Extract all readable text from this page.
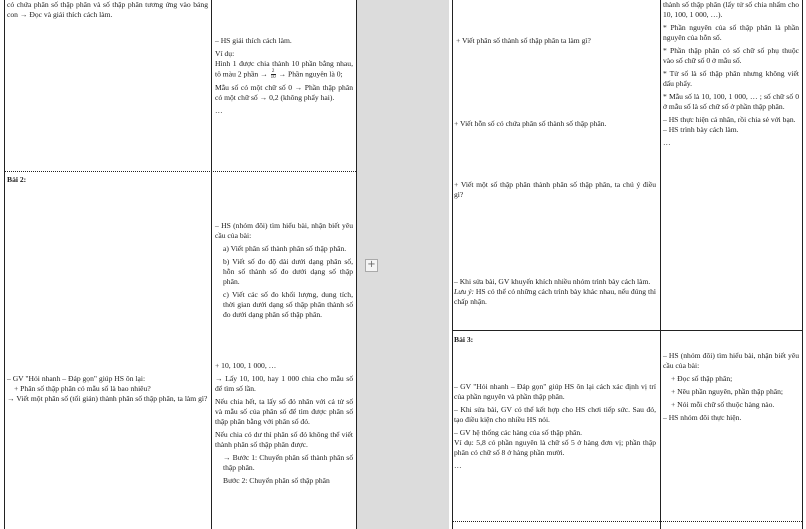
có chứa phân số thập phân và số thập phân tương ứng vào bảng con → Đọc và giải thích cách làm.

– HS giải thích cách làm.

Ví dụ:

Hình 1 được chia thành 10 phần bằng nhau, tô màu 2 phần → $\frac{2}{10}$ → Phần nguyên là 0;

Mẫu số có một chữ số 0 → Phần thập phân có một chữ số → 0,2 (không phẩy hai).

…

Bài 2:

– GV "Hỏi nhanh – Đáp gọn" giúp HS ôn lại:

+ Phân số thập phân có mẫu số là bao nhiêu?

→ Viết một phân số (tối giản) thành phân số thập phân, ta làm gì?

– HS (nhóm đôi) tìm hiểu bài, nhận biết yêu cầu của bài:

a) Viết phân số thành phân số thập phân.

b) Viết số đo độ dài dưới dạng phân số, hỗn số thành số đo dưới dạng số thập phân.

c) Viết các số đo khối lượng, dung tích, thời gian dưới dạng số thập phân thành số đo dưới dạng phân số thập phân.

+ 10, 100, 1 000, …

→ Lấy 10, 100, hay 1 000 chia cho mẫu số để tìm số lần.

Nếu chia hết, ta lấy số đó nhân với cả tử số và mẫu số của phân số để tìm được phân số thập phân bằng với phân số đó.

Nếu chia có dư thì phân số đó không thể viết thành phân số thập phân được.

→ Bước 1: Chuyển phân số thành phân số thập phân.

Bước 2: Chuyển phân số thập phân

+

+ Viết phân số thành số thập phân ta làm gì?

+ Viết hỗn số có chứa phân số thành số thập phân.

+ Viết một số thập phân thành phân số thập phân, ta chú ý điều gì?

– Khi sửa bài, GV khuyến khích nhiều nhóm trình bày cách làm.

Lưu ý: HS có thể có những cách trình bày khác nhau, nếu đúng thì chấp nhận.

thành số thập phân (lấy tử số chia nhẩm cho 10, 100, 1 000, …).

* Phần nguyên của số thập phân là phần nguyên của hỗn số.

* Phần thập phân có số chữ số phụ thuộc vào số chữ số 0 ở mẫu số.

* Tử số là số thập phân nhưng không viết dấu phẩy.

* Mẫu số là 10, 100, 1 000, … ; số chữ số 0 ở mẫu số là số chữ số ở phần thập phân.

– HS thực hiện cá nhân, rồi chia sẻ với bạn.

– HS trình bày cách làm.

…

Bài 3:

– GV "Hỏi nhanh – Đáp gọn" giúp HS ôn lại cách xác định vị trí của phần nguyên và phần thập phân.

– Khi sửa bài, GV có thể kết hợp cho HS chơi tiếp sức. Sau đó, tạo điều kiện cho nhiều HS nói.

– GV hệ thống các hàng của số thập phân.

Ví dụ: 5,8 có phần nguyên là chữ số 5 ở hàng đơn vị; phần thập phân có chữ số 8 ở hàng phần mười.

…

– HS (nhóm đôi) tìm hiểu bài, nhận biết yêu cầu của bài:

+ Đọc số thập phân;

+ Nêu phần nguyên, phần thập phân;

+ Nói mỗi chữ số thuộc hàng nào.

– HS nhóm đôi thực hiện.
